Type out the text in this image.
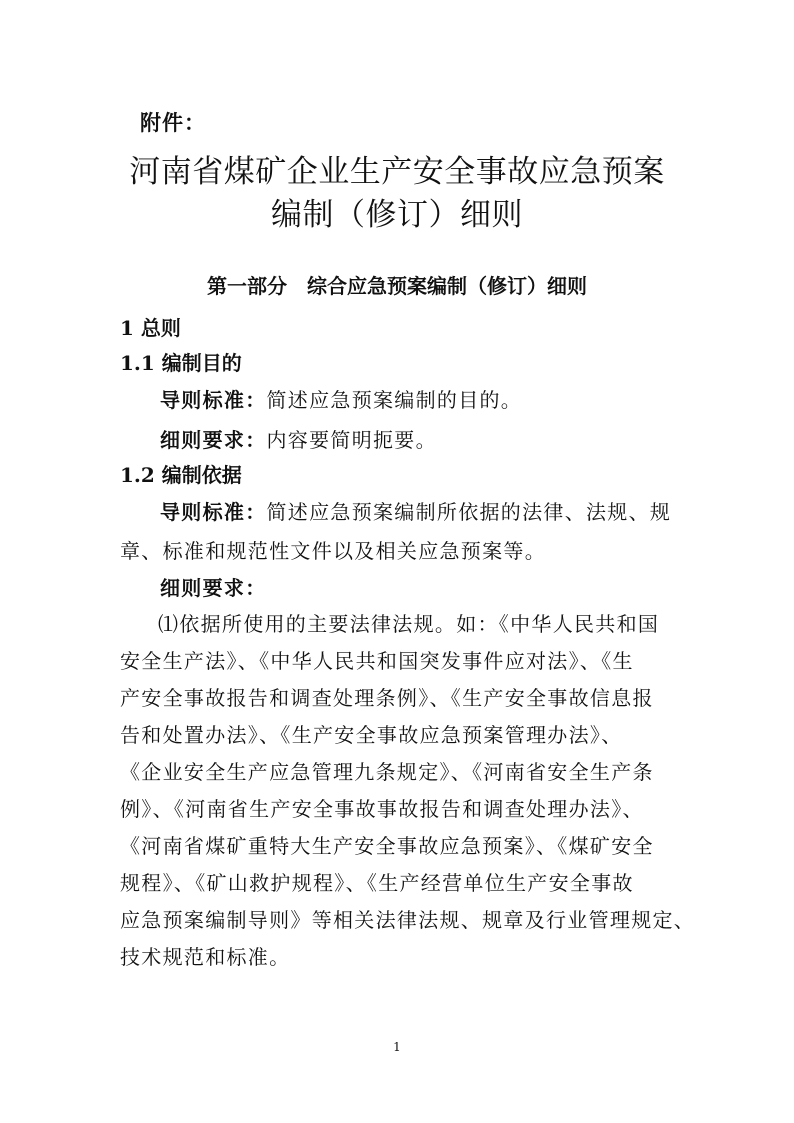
附件：
河南省煤矿企业生产安全事故应急预案
编制（修订）细则
第一部分 综合应急预案编制（修订）细则
1 总则
1.1 编制目的
导则标准：简述应急预案编制的目的。
细则要求：内容要简明扼要。
1.2 编制依据
导则标准：简述应急预案编制所依据的法律、法规、规
章、标准和规范性文件以及相关应急预案等。
细则要求：
⑴依据所使用的主要法律法规。如：《中华人民共和国
安全生产法》、《中华人民共和国突发事件应对法》、《生
产安全事故报告和调查处理条例》、《生产安全事故信息报
告和处置办法》、《生产安全事故应急预案管理办法》、
《企业安全生产应急管理九条规定》、《河南省安全生产条
例》、《河南省生产安全事故事故报告和调查处理办法》、
《河南省煤矿重特大生产安全事故应急预案》、《煤矿安全
规程》、《矿山救护规程》、《生产经营单位生产安全事故
应急预案编制导则》等相关法律法规、规章及行业管理规定、
技术规范和标准。
1
